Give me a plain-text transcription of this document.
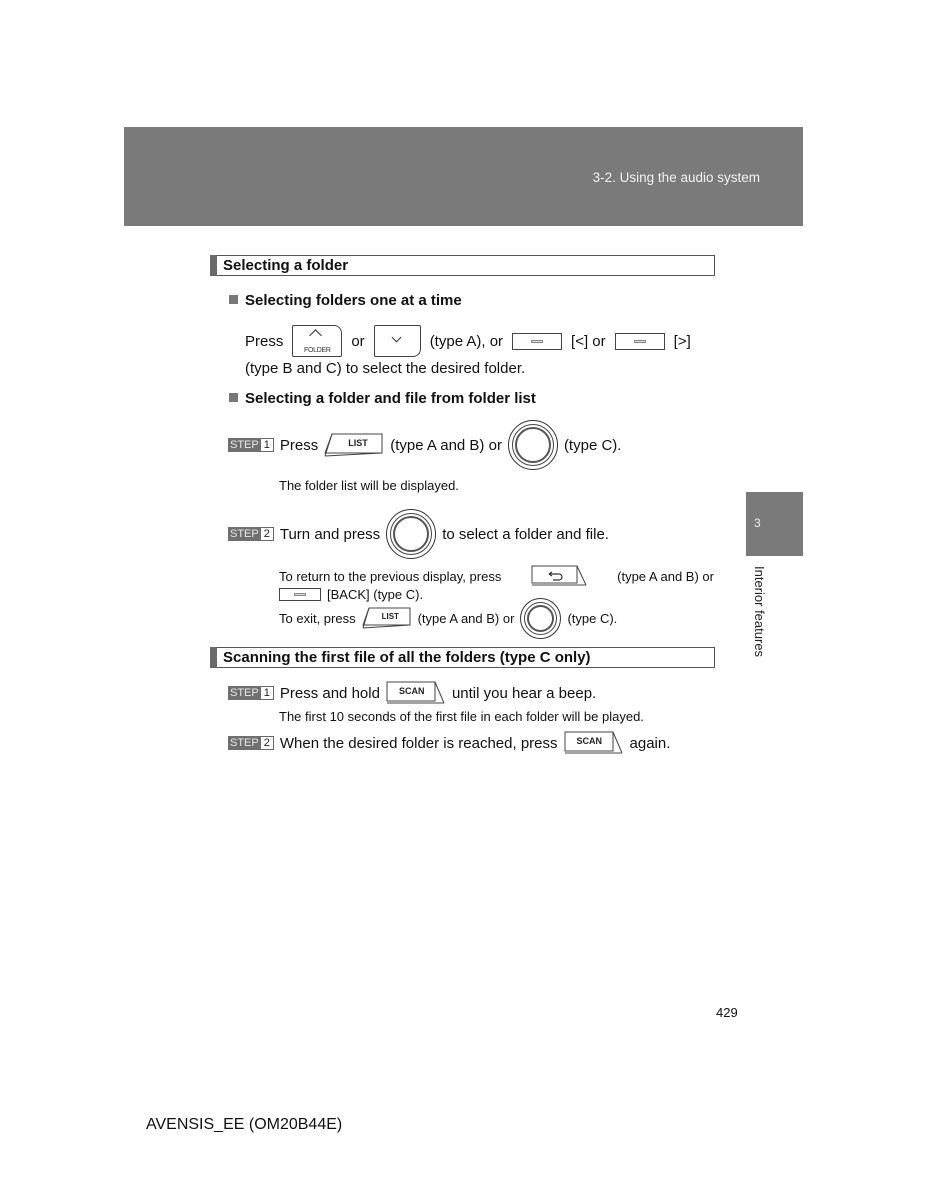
3-2. Using the audio system
Selecting a folder
Selecting folders one at a time
Press
FOLDER
or	(type A), or	[<] or	[>]
(type B and C) to select the desired folder.
Selecting a folder and file from folder list
STEP 1 Press	LIST (type A and B) or	(type C).
The folder list will be displayed.
STEP 2 Turn and press	to select a folder and file.
To return to the previous display, press	(type A and B) or
[BACK] (type C).
To exit, press	LIST (type A and B) or	(type C).
Scanning the first file of all the folders (type C only)
STEP 1 Press and hold SCAN until you hear a beep.
The first 10 seconds of the first file in each folder will be played.
STEP 2 When the desired folder is reached, press SCAN again.
3
Interior features
429
AVENSIS_EE (OM20B44E)
